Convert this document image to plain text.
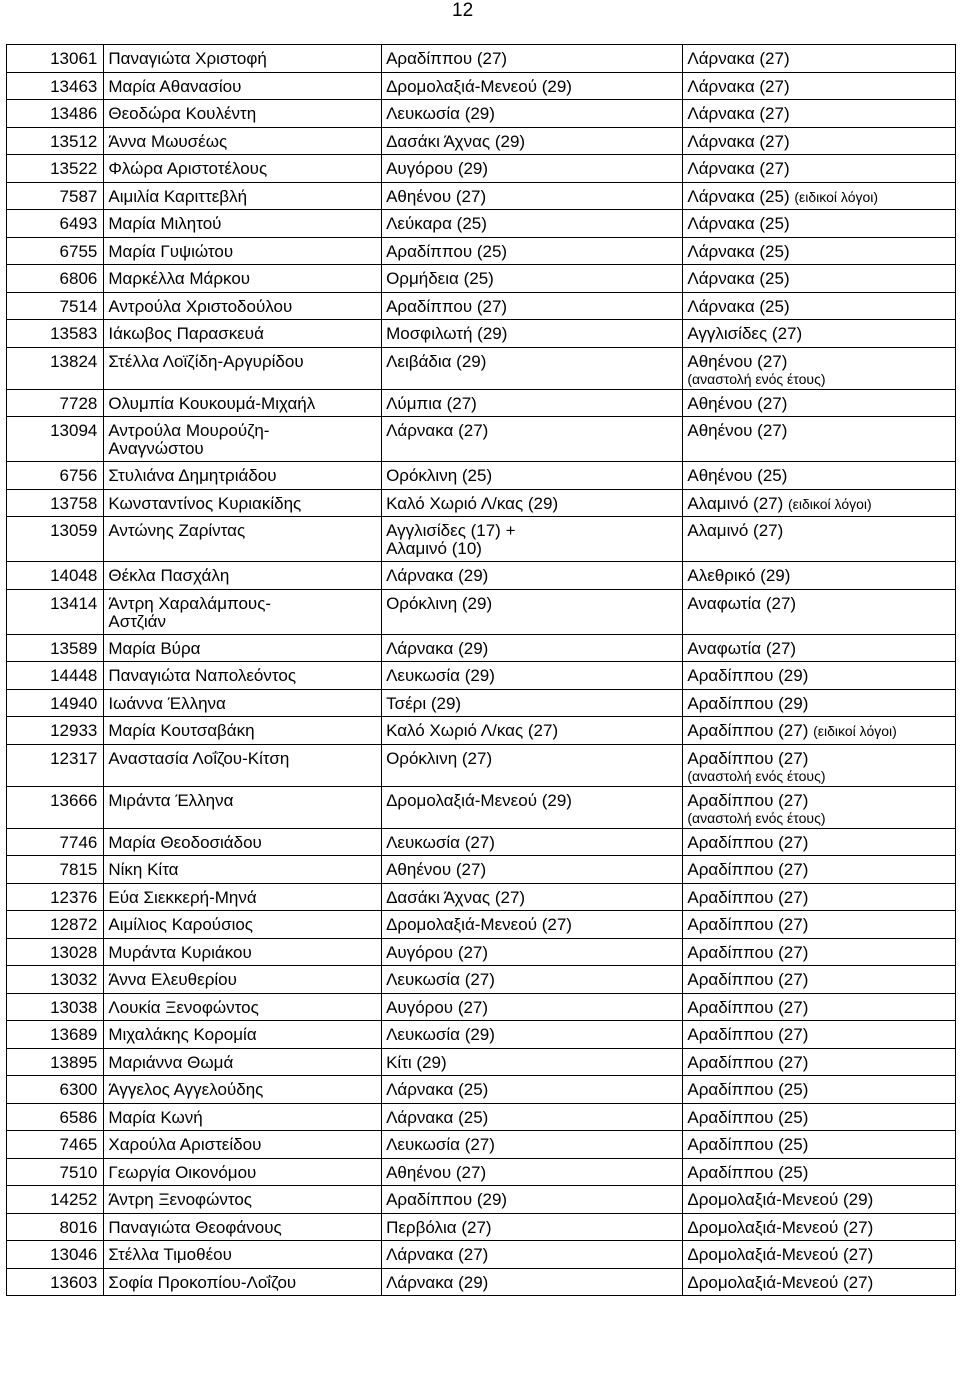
12
13061	Παναγιώτα Χριστοφή	Αραδίππου (27)	Λάρνακα (27)
13463	Μαρία Αθανασίου	Δρομολαξιά-Μενεού (29)	Λάρνακα (27)
13486	Θεοδώρα Κουλέντη	Λευκωσία (29)	Λάρνακα (27)
13512	Άννα Μωυσέως	Δασάκι Άχνας (29)	Λάρνακα (27)
13522	Φλώρα Αριστοτέλους	Αυγόρου (29)	Λάρνακα (27)
7587	Αιμιλία Καριττεβλή	Αθηένου (27)	Λάρνακα (25) (ειδικοί λόγοι)
6493	Μαρία Μιλητού	Λεύκαρα (25)	Λάρνακα (25)
6755	Μαρία Γυψιώτου	Αραδίππου (25)	Λάρνακα (25)
6806	Μαρκέλλα Μάρκου	Ορμήδεια (25)	Λάρνακα (25)
7514	Αντρούλα Χριστοδούλου	Αραδίππου (27)	Λάρνακα (25)
13583	Ιάκωβος Παρασκευά	Μοσφιλωτή (29)	Αγγλισίδες (27)
13824	Στέλλα Λοϊζίδη-Αργυρίδου	Λειβάδια (29)	Αθηένου (27)
(αναστολή ενός έτους)

7728	Ολυμπία Κουκουμά-Μιχαήλ	Λύμπια (27)	Αθηένου (27)
13094	Αντρούλα Μουρούζη-
Αναγνώστου	Λάρνακα (27)	Αθηένου (27)
6756	Στυλιάνα Δημητριάδου	Ορόκλινη (25)	Αθηένου (25)
13758	Κωνσταντίνος Κυριακίδης	Καλό Χωριό Λ/κας (29)	Αλαμινό (27) (ειδικοί λόγοι)
13059	Αντώνης Ζαρίντας	Αγγλισίδες (17) +
Αλαμινό (10)	Αλαμινό (27)
14048	Θέκλα Πασχάλη	Λάρνακα (29)	Αλεθρικό (29)
13414	Άντρη Χαραλάμπους-
Αστζιάν	Ορόκλινη (29)	Αναφωτία (27)
13589	Μαρία Βύρα	Λάρνακα (29)	Αναφωτία (27)
14448	Παναγιώτα Ναπολεόντος	Λευκωσία (29)	Αραδίππου (29)
14940	Ιωάννα Έλληνα	Τσέρι (29)	Αραδίππου (29)
12933	Μαρία Κουτσαβάκη	Καλό Χωριό Λ/κας (27)	Αραδίππου (27) (ειδικοί λόγοι)
12317	Αναστασία Λοΐζου-Κίτση	Ορόκλινη (27)	Αραδίππου (27)
(αναστολή ενός έτους)

13666	Μιράντα Έλληνα	Δρομολαξιά-Μενεού (29)	Αραδίππου (27)
(αναστολή ενός έτους)

7746	Μαρία Θεοδοσιάδου	Λευκωσία (27)	Αραδίππου (27)
7815	Νίκη Κίτα	Αθηένου (27)	Αραδίππου (27)
12376	Εύα Σιεκκερή-Μηνά	Δασάκι Άχνας (27)	Αραδίππου (27)
12872	Αιμίλιος Καρούσιος	Δρομολαξιά-Μενεού (27)	Αραδίππου (27)
13028	Μυράντα Κυριάκου	Αυγόρου (27)	Αραδίππου (27)
13032	Άννα Ελευθερίου	Λευκωσία (27)	Αραδίππου (27)
13038	Λουκία Ξενοφώντος	Αυγόρου (27)	Αραδίππου (27)
13689	Μιχαλάκης Κορομία	Λευκωσία (29)	Αραδίππου (27)
13895	Μαριάννα Θωμά	Κίτι (29)	Αραδίππου (27)
6300	Άγγελος Αγγελούδης	Λάρνακα (25)	Αραδίππου (25)
6586	Μαρία Κωνή	Λάρνακα (25)	Αραδίππου (25)
7465	Χαρούλα Αριστείδου	Λευκωσία (27)	Αραδίππου (25)
7510	Γεωργία Οικονόμου	Αθηένου (27)	Αραδίππου (25)
14252	Άντρη Ξενοφώντος	Αραδίππου (29)	Δρομολαξιά-Μενεού (29)
8016	Παναγιώτα Θεοφάνους	Περβόλια (27)	Δρομολαξιά-Μενεού (27)
13046	Στέλλα Τιμοθέου	Λάρνακα (27)	Δρομολαξιά-Μενεού (27)
13603	Σοφία Προκοπίου-Λοΐζου	Λάρνακα (29)	Δρομολαξιά-Μενεού (27)
